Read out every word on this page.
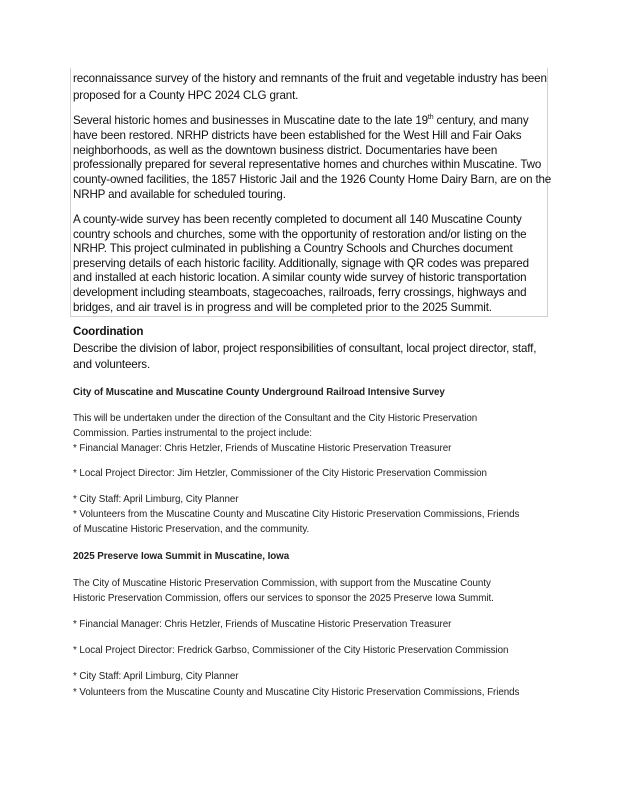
reconnaissance survey of the history and remnants of the fruit and vegetable industry has been
proposed for a County HPC 2024 CLG grant.
Several historic homes and businesses in Muscatine date to the late 19th century, and many
have been restored. NRHP districts have been established for the West Hill and Fair Oaks
neighborhoods, as well as the downtown business district. Documentaries have been
professionally prepared for several representative homes and churches within Muscatine. Two
county-owned facilities, the 1857 Historic Jail and the 1926 County Home Dairy Barn, are on the
NRHP and available for scheduled touring.
A county-wide survey has been recently completed to document all 140 Muscatine County
country schools and churches, some with the opportunity of restoration and/or listing on the
NRHP. This project culminated in publishing a Country Schools and Churches document
preserving details of each historic facility. Additionally, signage with QR codes was prepared
and installed at each historic location. A similar county wide survey of historic transportation
development including steamboats, stagecoaches, railroads, ferry crossings, highways and
bridges, and air travel is in progress and will be completed prior to the 2025 Summit.
Coordination
Describe the division of labor, project responsibilities of consultant, local project director, staff,
and volunteers.
City of Muscatine and Muscatine County Underground Railroad Intensive Survey
This will be undertaken under the direction of the Consultant and the City Historic Preservation
Commission. Parties instrumental to the project include:
* Financial Manager: Chris Hetzler, Friends of Muscatine Historic Preservation Treasurer
* Local Project Director: Jim Hetzler, Commissioner of the City Historic Preservation Commission
* City Staff: April Limburg, City Planner
* Volunteers from the Muscatine County and Muscatine City Historic Preservation Commissions, Friends
of Muscatine Historic Preservation, and the community.
2025 Preserve Iowa Summit in Muscatine, Iowa
The City of Muscatine Historic Preservation Commission, with support from the Muscatine County
Historic Preservation Commission, offers our services to sponsor the 2025 Preserve Iowa Summit.
* Financial Manager: Chris Hetzler, Friends of Muscatine Historic Preservation Treasurer
* Local Project Director: Fredrick Garbso, Commissioner of the City Historic Preservation Commission
* City Staff: April Limburg, City Planner
* Volunteers from the Muscatine County and Muscatine City Historic Preservation Commissions, Friends
